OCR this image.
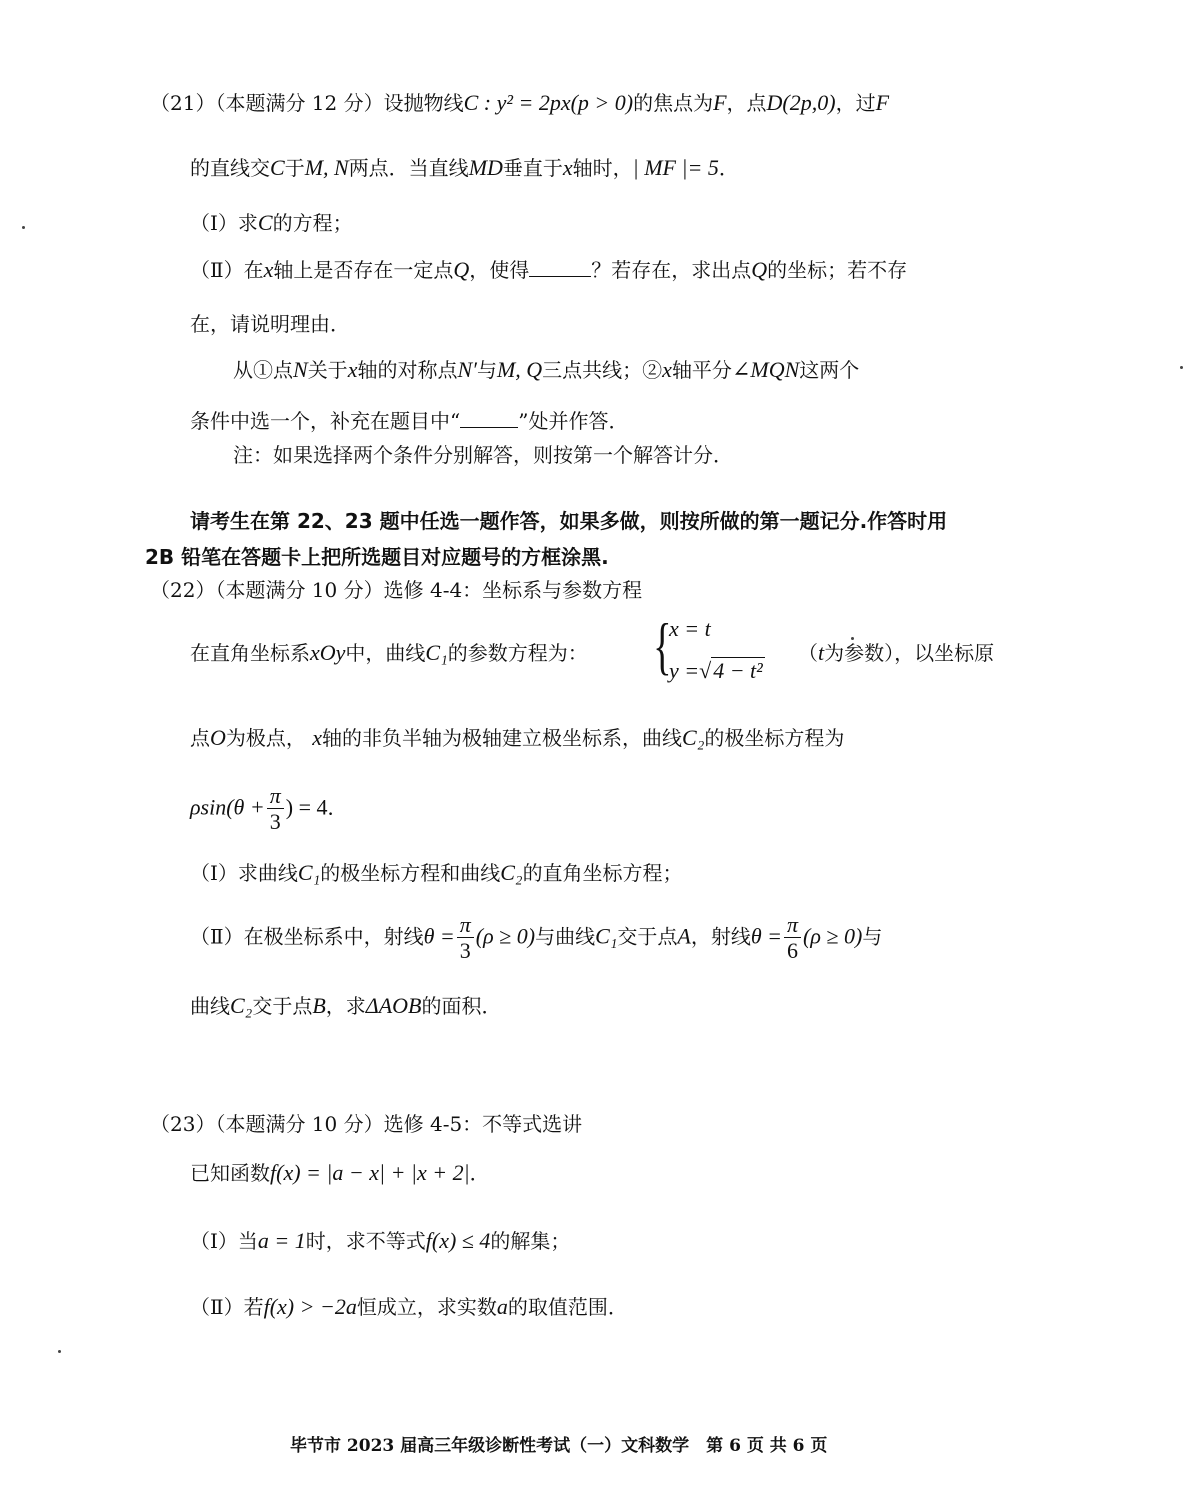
（21）（本题满分 12 分）设抛物线C : y² = 2px(p > 0)的焦点为F，点D(2p,0)，过F
的直线交C于M, N两点．当直线MD垂直于x轴时，| MF |= 5．
（Ⅰ）求C的方程；
（Ⅱ）在x轴上是否存在一定点Q，使得	？若存在，求出点Q的坐标；若不存
在，请说明理由．
从①点N关于x轴的对称点N′与M, Q三点共线；②x轴平分∠MQN这两个
条件中选一个，补充在题目中“	”处并作答．
注：如果选择两个条件分别解答，则按第一个解答计分．
请考生在第 22、23 题中任选一题作答，如果多做，则按所做的第一题记分.作答时用
2B 铅笔在答题卡上把所选题目对应题号的方框涂黑.
（22）（本题满分 10 分）选修 4-4：坐标系与参数方程
在直角坐标系xOy中，曲线C₁的参数方程为： {
x = t
y =√4 − t²
（t为参数），以坐标原
点O为极点， x轴的非负半轴为极轴建立极坐标系，曲线C₂的极坐标方程为
$\rho\sin(\theta + \frac{\pi}{3}$ ) = 4．
（Ⅰ）求曲线C₁的极坐标方程和曲线C₂的直角坐标方程；
（Ⅱ）在极坐标系中，射线$\theta = \frac{\pi}{3} (\rho \ge 0)$与曲线C₁交于点A，射线$\theta = \frac{\pi}{6} (\rho \ge 0)$与
曲线C₂交于点B，求ΔAOB的面积．
（23）（本题满分 10 分）选修 4-5：不等式选讲
已知函数f(x) = |a − x| + |x + 2|．
（Ⅰ）当a = 1时，求不等式f(x) ≤ 4的解集；
（Ⅱ）若f(x) > −2a恒成立，求实数a的取值范围．
毕节市 2023 届高三年级诊断性考试（一）文科数学　第 6 页 共 6 页
